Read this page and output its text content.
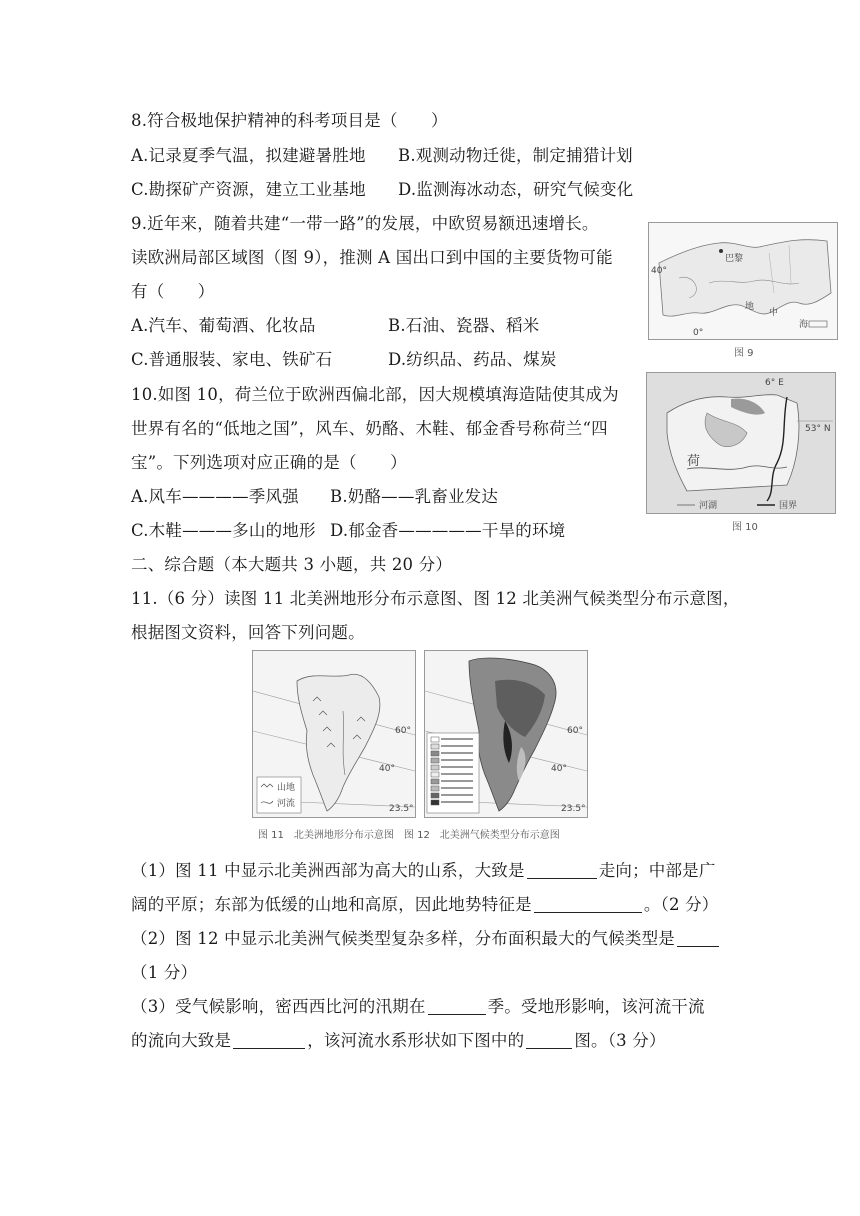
8.符合极地保护精神的科考项目是（　　）
A.记录夏季气温，拟建避暑胜地 B.观测动物迁徙，制定捕猎计划
C.勘探矿产资源，建立工业基地 D.监测海冰动态，研究气候变化
9.近年来，随着共建“一带一路”的发展，中欧贸易额迅速增长。
读欧洲局部区域图（图 9），推测 A 国出口到中国的主要货物可能
有（　　）
A.汽车、葡萄酒、化妆品	B.石油、瓷器、稻米
C.普通服装、家电、铁矿石	D.纺织品、药品、煤炭
巴黎
40°
地
中
海
0°
图 9
10.如图 10，荷兰位于欧洲西偏北部，因大规模填海造陆使其成为
世界有名的“低地之国”，风车、奶酪、木鞋、郁金香号称荷兰“四
宝”。下列选项对应正确的是（　　）
A.风车————季风强 B.奶酪——乳畜业发达
C.木鞋———多山的地形 D.郁金香—————干旱的环境
6° E
53° N
荷
河湖	国界
图 10
二、综合题（本大题共 3 小题，共 20 分）
11.（6 分）读图 11 北美洲地形分布示意图、图 12 北美洲气候类型分布示意图，
根据图文资料，回答下列问题。
60°
40°
23.5°
山地
河流
60°
40°
23.5°
图 11　北美洲地形分布示意图　图 12　北美洲气候类型分布示意图
（1）图 11 中显示北美洲西部为高大的山系，大致是	走向；中部是广
阔的平原；东部为低缓的山地和高原，因此地势特征是	。（2 分）
（2）图 12 中显示北美洲气候类型复杂多样，分布面积最大的气候类型是
（1 分）
（3）受气候影响，密西西比河的汛期在	季。受地形影响，该河流干流
的流向大致是	，该河流水系形状如下图中的	图。（3 分）
